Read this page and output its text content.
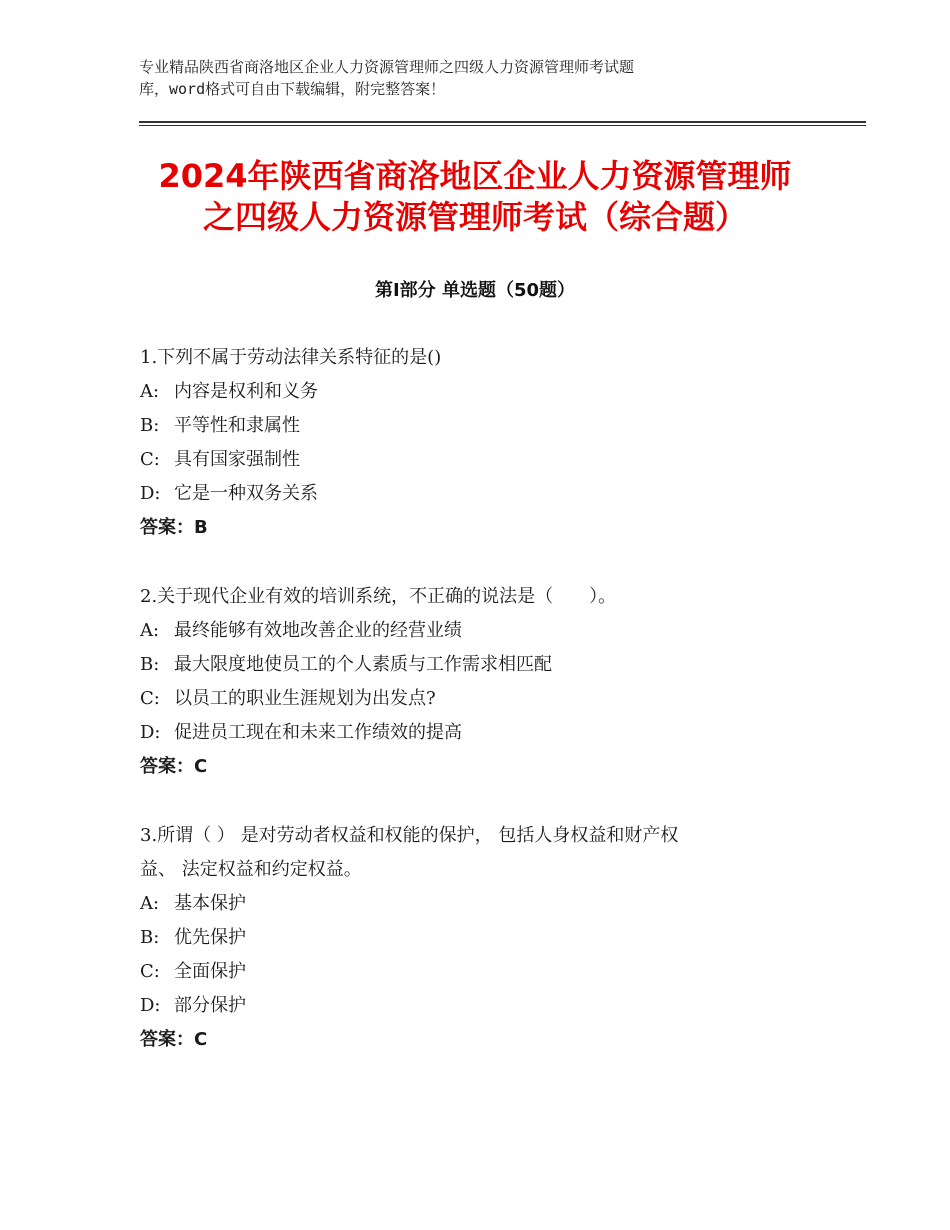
专业精品陕西省商洛地区企业人力资源管理师之四级人力资源管理师考试题
库，word格式可自由下载编辑，附完整答案！
2024年陕西省商洛地区企业人力资源管理师
之四级人力资源管理师考试（综合题）
第Ⅰ部分 单选题（50题）

1.下列不属于劳动法律关系特征的是()

A: 内容是权利和义务

B: 平等性和隶属性

C: 具有国家强制性

D: 它是一种双务关系

答案：B

2.关于现代企业有效的培训系统，不正确的说法是（　　）。

A: 最终能够有效地改善企业的经营业绩

B: 最大限度地使员工的个人素质与工作需求相匹配

C: 以员工的职业生涯规划为出发点?

D: 促进员工现在和未来工作绩效的提高

答案：C

3.所谓（ ） 是对劳动者权益和权能的保护， 包括人身权益和财产权

益、 法定权益和约定权益。

A: 基本保护

B: 优先保护

C: 全面保护

D: 部分保护

答案：C
